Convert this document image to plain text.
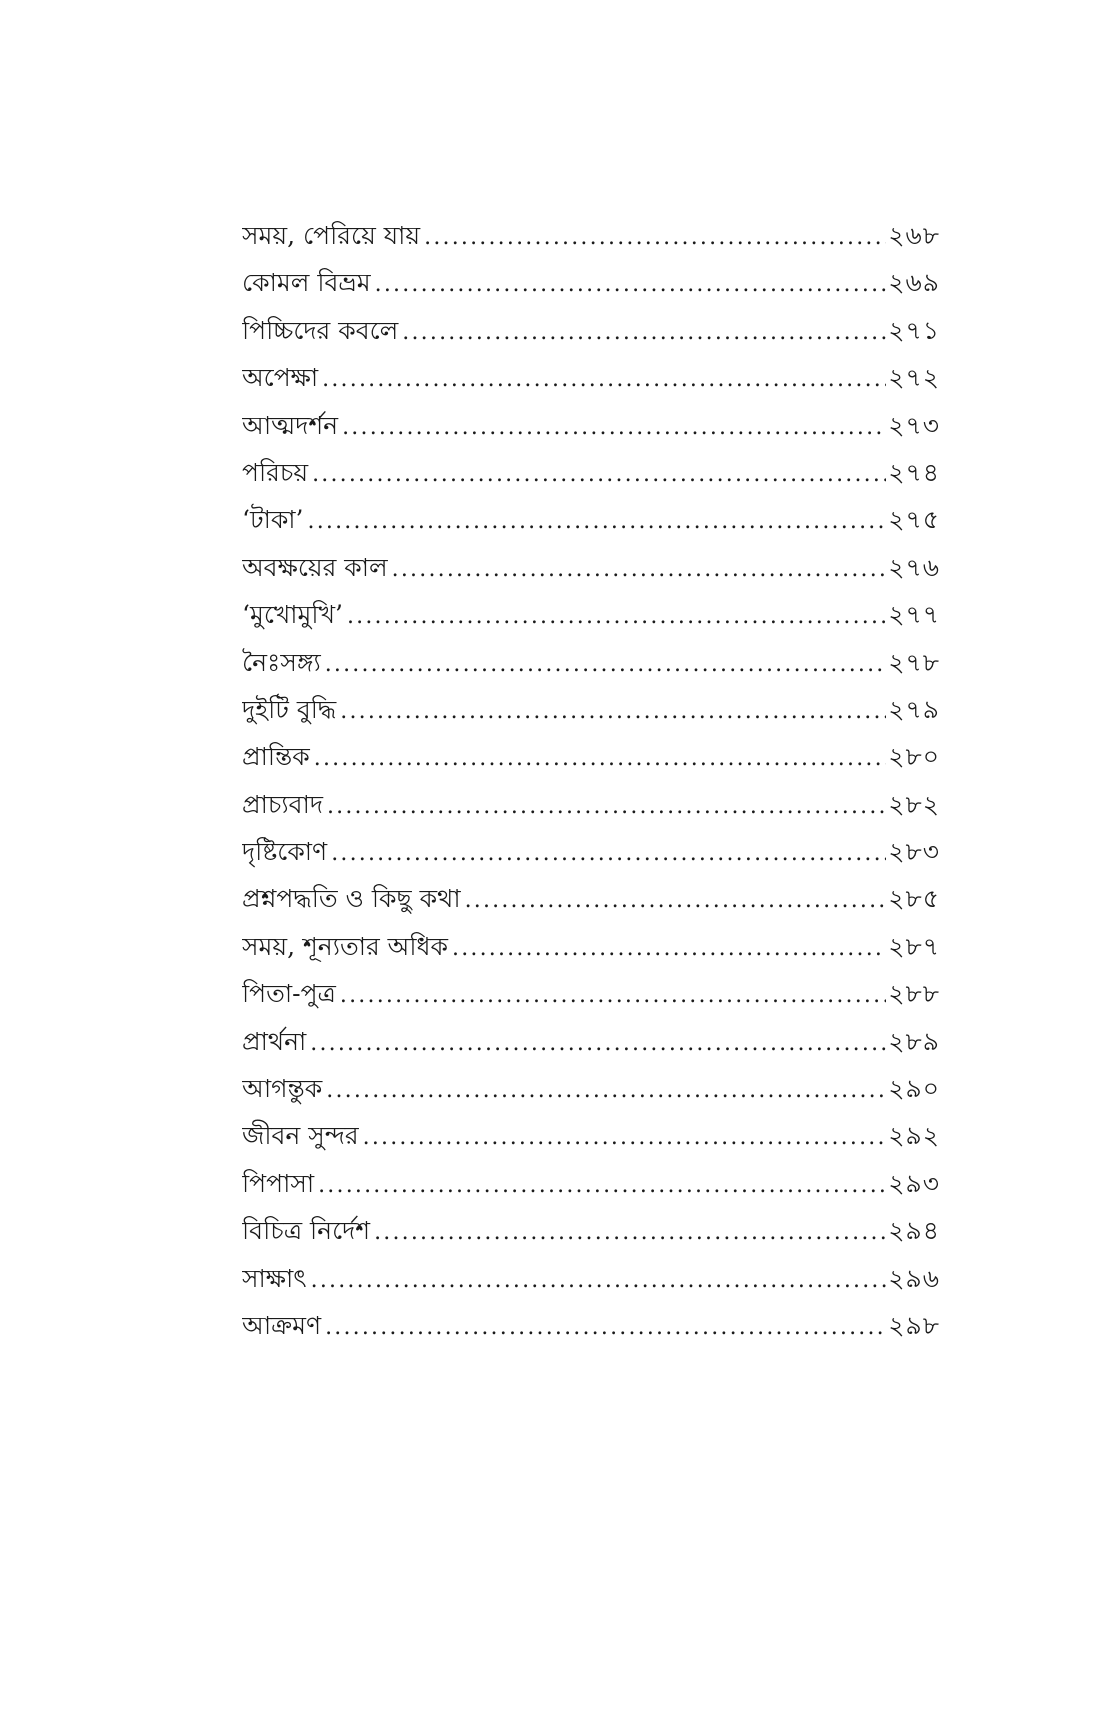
সময়, পেরিয়ে যায় .....	২৬৮
কোমল বিভ্রম .....	২৬৯
পিচ্চিদের কবলে .....	২৭১
অপেক্ষা .....	২৭২
আত্মদর্শন .....	২৭৩
পরিচয় .....	২৭৪
‘টাকা’ .....	২৭৫
অবক্ষয়ের কাল .....	২৭৬
‘মুখোমুখি’ .....	২৭৭
নৈঃসঙ্গ্য .....	২৭৮
দুইটি বুদ্ধি .....	২৭৯
প্রান্তিক .....	২৮০
প্রাচ্যবাদ .....	২৮২
দৃষ্টিকোণ .....	২৮৩
প্রশ্নপদ্ধতি ও কিছু কথা .....	২৮৫
সময়, শূন্যতার অধিক .....	২৮৭
পিতা-পুত্র .....	২৮৮
প্রার্থনা .....	২৮৯
আগন্তুক .....	২৯০
জীবন সুন্দর .....	২৯২
পিপাসা .....	২৯৩
বিচিত্র নির্দেশ .....	২৯৪
সাক্ষাৎ .....	২৯৬
আক্রমণ .....	২৯৮
